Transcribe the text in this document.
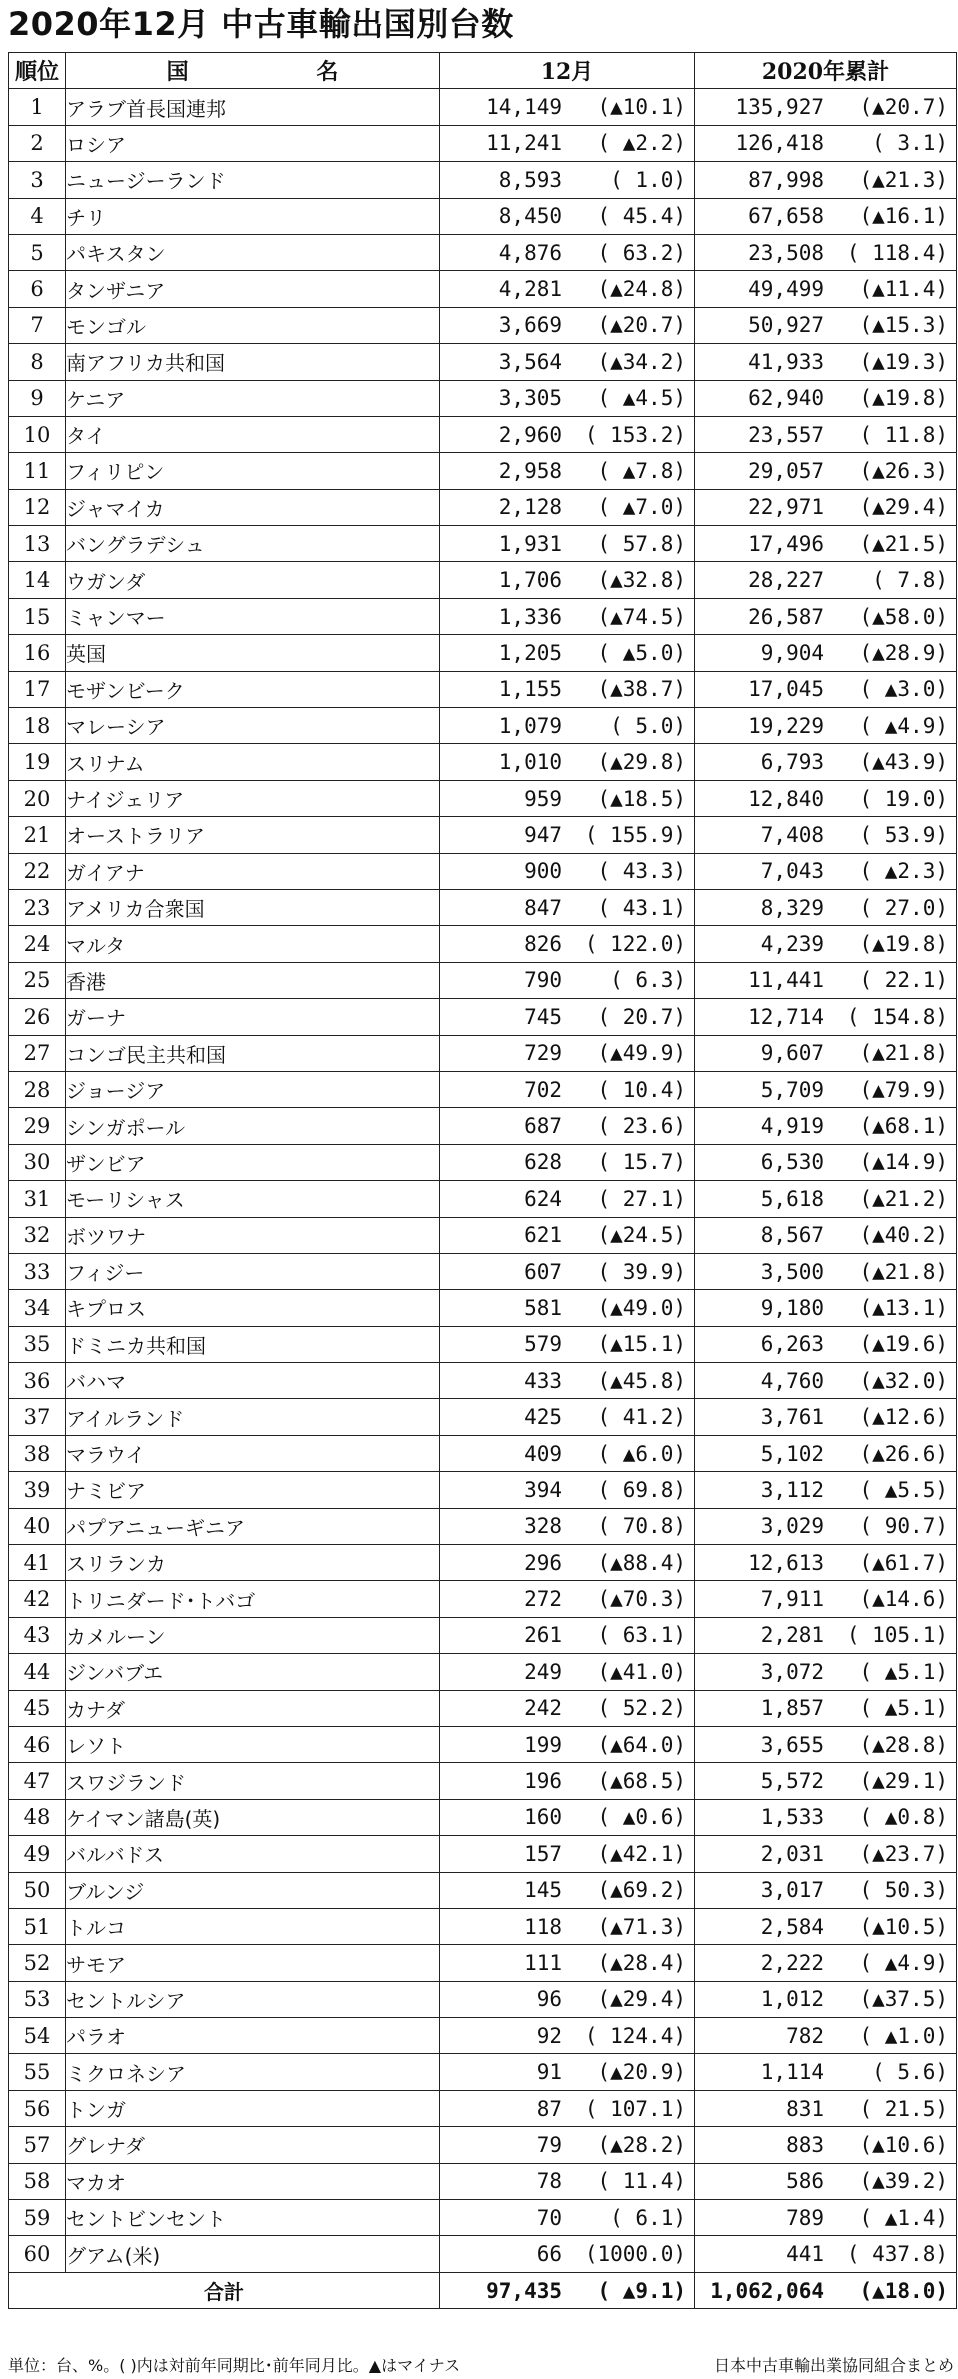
2020年12月 中古車輸出国別台数
順位	国 名	12月	2020年累計
1	アラブ首長国連邦	14,149 (▲10.1)	135,927 (▲20.7)

2	ロシア	11,241 ( ▲2.2)	126,418 ( 3.1)

3	ニュージーランド	8,593 ( 1.0)	87,998 (▲21.3)

4	チリ	8,450 ( 45.4)	67,658 (▲16.1)

5	パキスタン	4,876 ( 63.2)	23,508 ( 118.4)

6	タンザニア	4,281 (▲24.8)	49,499 (▲11.4)

7	モンゴル	3,669 (▲20.7)	50,927 (▲15.3)

8	南アフリカ共和国	3,564 (▲34.2)	41,933 (▲19.3)

9	ケニア	3,305 ( ▲4.5)	62,940 (▲19.8)

10	タイ	2,960 ( 153.2)	23,557 ( 11.8)

11	フィリピン	2,958 ( ▲7.8)	29,057 (▲26.3)

12	ジャマイカ	2,128 ( ▲7.0)	22,971 (▲29.4)

13	バングラデシュ	1,931 ( 57.8)	17,496 (▲21.5)

14	ウガンダ	1,706 (▲32.8)	28,227 ( 7.8)

15	ミャンマー	1,336 (▲74.5)	26,587 (▲58.0)

16	英国	1,205 ( ▲5.0)	9,904 (▲28.9)

17	モザンビーク	1,155 (▲38.7)	17,045 ( ▲3.0)

18	マレーシア	1,079 ( 5.0)	19,229 ( ▲4.9)

19	スリナム	1,010 (▲29.8)	6,793 (▲43.9)

20	ナイジェリア	959 (▲18.5)	12,840 ( 19.0)

21	オーストラリア	947 ( 155.9)	7,408 ( 53.9)

22	ガイアナ	900 ( 43.3)	7,043 ( ▲2.3)

23	アメリカ合衆国	847 ( 43.1)	8,329 ( 27.0)

24	マルタ	826 ( 122.0)	4,239 (▲19.8)

25	香港	790 ( 6.3)	11,441 ( 22.1)

26	ガーナ	745 ( 20.7)	12,714 ( 154.8)

27	コンゴ民主共和国	729 (▲49.9)	9,607 (▲21.8)

28	ジョージア	702 ( 10.4)	5,709 (▲79.9)

29	シンガポール	687 ( 23.6)	4,919 (▲68.1)

30	ザンビア	628 ( 15.7)	6,530 (▲14.9)

31	モーリシャス	624 ( 27.1)	5,618 (▲21.2)

32	ボツワナ	621 (▲24.5)	8,567 (▲40.2)

33	フィジー	607 ( 39.9)	3,500 (▲21.8)

34	キプロス	581 (▲49.0)	9,180 (▲13.1)

35	ドミニカ共和国	579 (▲15.1)	6,263 (▲19.6)

36	バハマ	433 (▲45.8)	4,760 (▲32.0)

37	アイルランド	425 ( 41.2)	3,761 (▲12.6)

38	マラウイ	409 ( ▲6.0)	5,102 (▲26.6)

39	ナミビア	394 ( 69.8)	3,112 ( ▲5.5)

40	パプアニューギニア	328 ( 70.8)	3,029 ( 90.7)

41	スリランカ	296 (▲88.4)	12,613 (▲61.7)

42	トリニダード･トバゴ	272 (▲70.3)	7,911 (▲14.6)

43	カメルーン	261 ( 63.1)	2,281 ( 105.1)

44	ジンバブエ	249 (▲41.0)	3,072 ( ▲5.1)

45	カナダ	242 ( 52.2)	1,857 ( ▲5.1)

46	レソト	199 (▲64.0)	3,655 (▲28.8)

47	スワジランド	196 (▲68.5)	5,572 (▲29.1)

48	ケイマン諸島(英)	160 ( ▲0.6)	1,533 ( ▲0.8)

49	バルバドス	157 (▲42.1)	2,031 (▲23.7)

50	ブルンジ	145 (▲69.2)	3,017 ( 50.3)

51	トルコ	118 (▲71.3)	2,584 (▲10.5)

52	サモア	111 (▲28.4)	2,222 ( ▲4.9)

53	セントルシア	96 (▲29.4)	1,012 (▲37.5)

54	パラオ	92 ( 124.4)	782 ( ▲1.0)

55	ミクロネシア	91 (▲20.9)	1,114 ( 5.6)

56	トンガ	87 ( 107.1)	831 ( 21.5)

57	グレナダ	79 (▲28.2)	883 (▲10.6)

58	マカオ	78 ( 11.4)	586 (▲39.2)

59	セントビンセント	70 ( 6.1)	789 ( ▲1.4)

60	グアム(米)	66 (1000.0)	441 ( 437.8)

合計		97,435 ( ▲9.1)	1,062,064 (▲18.0)
単位：台、%。( )内は対前年同期比･前年同月比。▲はマイナス	日本中古車輸出業協同組合まとめ
